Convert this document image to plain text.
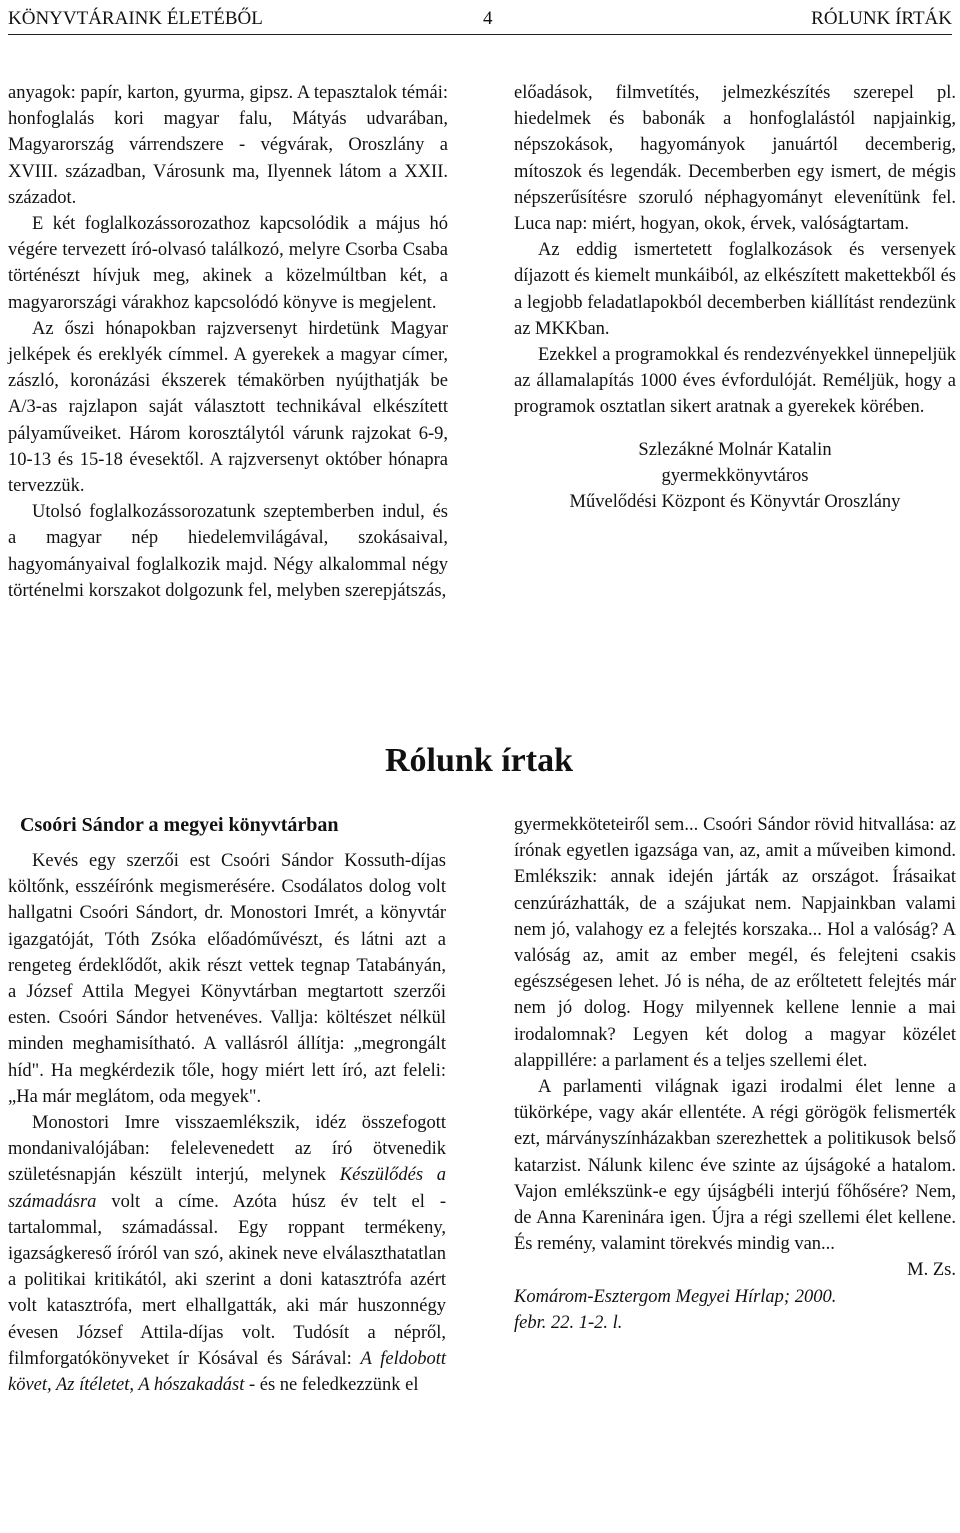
KÖNYVTÁRAINK ÉLETÉBŐL	4	RÓLUNK ÍRTÁK

anyagok: papír, karton, gyurma, gipsz. A tepasztalok témái: honfoglalás kori magyar falu, Mátyás udvarában, Magyarország várrendszere - végvárak, Oroszlány a XVIII. században, Városunk ma, Ilyennek látom a XXII. századot.

E két foglalkozássorozathoz kapcsolódik a május hó végére tervezett író-olvasó találkozó, melyre Csorba Csaba történészt hívjuk meg, akinek a közelmúltban két, a magyarországi várakhoz kapcsolódó könyve is megjelent.

Az őszi hónapokban rajzversenyt hirdetünk Magyar jelképek és ereklyék címmel. A gyerekek a magyar címer, zászló, koronázási ékszerek témakörben nyújthatják be A/3-as rajzlapon saját választott technikával elkészített pályaműveiket. Három korosztálytól várunk rajzokat 6-9, 10-13 és 15-18 évesektől. A rajzversenyt október hónapra tervezzük.

Utolsó foglalkozássorozatunk szeptemberben indul, és a magyar nép hiedelemvilágával, szokásaival, hagyományaival foglalkozik majd. Négy alkalommal négy történelmi korszakot dolgozunk fel, melyben szerepjátszás,

előadások, filmvetítés, jelmezkészítés szerepel pl. hiedelmek és babonák a honfoglalástól napjainkig, népszokások, hagyományok januártól decemberig, mítoszok és legendák. Decemberben egy ismert, de mégis népszerűsítésre szoruló néphagyományt elevenítünk fel. Luca nap: miért, hogyan, okok, érvek, valóságtartam.

Az eddig ismertetett foglalkozások és versenyek díjazott és kiemelt munkáiból, az elkészített makettekből és a legjobb feladatlapokból decemberben kiállítást rendezünk az MKKban.

Ezekkel a programokkal és rendezvényekkel ünnepeljük az államalapítás 1000 éves évfordulóját. Reméljük, hogy a programok osztatlan sikert aratnak a gyerekek körében.

Szlezákné Molnár Katalin
gyermekkönyvtáros
Művelődési Központ és Könyvtár Oroszlány
Rólunk írtak
Csoóri Sándor a megyei könyvtárban

Kevés egy szerzői est Csoóri Sándor Kossuth-díjas költőnk, esszéírónk megismerésére. Csodálatos dolog volt hallgatni Csoóri Sándort, dr. Monostori Imrét, a könyvtár igazgatóját, Tóth Zsóka előadóművészt, és látni azt a rengeteg érdeklődőt, akik részt vettek tegnap Tatabányán, a József Attila Megyei Könyvtárban megtartott szerzői esten. Csoóri Sándor hetvenéves. Vallja: költészet nélkül minden meghamisítható. A vallásról állítja: „megrongált híd". Ha megkérdezik tőle, hogy miért lett író, azt feleli: „Ha már meglátom, oda megyek".

Monostori Imre visszaemlékszik, idéz összefogott mondanivalójában: felelevenedett az író ötvenedik születésnapján készült interjú, melynek Készülődés a számadásra volt a címe. Azóta húsz év telt el - tartalommal, számadással. Egy roppant termékeny, igazságkereső íróról van szó, akinek neve elválaszthatatlan a politikai kritikától, aki szerint a doni katasztrófa azért volt katasztrófa, mert elhallgatták, aki már huszonnégy évesen József Attila-díjas volt. Tudósít a népről, filmforgatókönyveket ír Kósával és Sárával: A feldobott követ, Az ítéletet, A hószakadást - és ne feledkezzünk el

gyermekköteteiről sem... Csoóri Sándor rövid hitvallása: az írónak egyetlen igazsága van, az, amit a műveiben kimond. Emlékszik: annak idején járták az országot. Írásaikat cenzúrázhatták, de a szájukat nem. Napjainkban valami nem jó, valahogy ez a felejtés korszaka... Hol a valóság? A valóság az, amit az ember megél, és felejteni csakis egészségesen lehet. Jó is néha, de az erőltetett felejtés már nem jó dolog. Hogy milyennek kellene lennie a mai irodalomnak? Legyen két dolog a magyar közélet alappillére: a parlament és a teljes szellemi élet.

A parlamenti világnak igazi irodalmi élet lenne a tükörképe, vagy akár ellentéte. A régi görögök felismerték ezt, márványszínházakban szerezhettek a politikusok belső katarzist. Nálunk kilenc éve szinte az újságoké a hatalom. Vajon emlékszünk-e egy újságbéli interjú főhősére? Nem, de Anna Kareninára igen. Újra a régi szellemi élet kellene. És remény, valamint törekvés mindig van...

M. Zs.

Komárom-Esztergom Megyei Hírlap; 2000.

febr. 22. 1-2. l.
